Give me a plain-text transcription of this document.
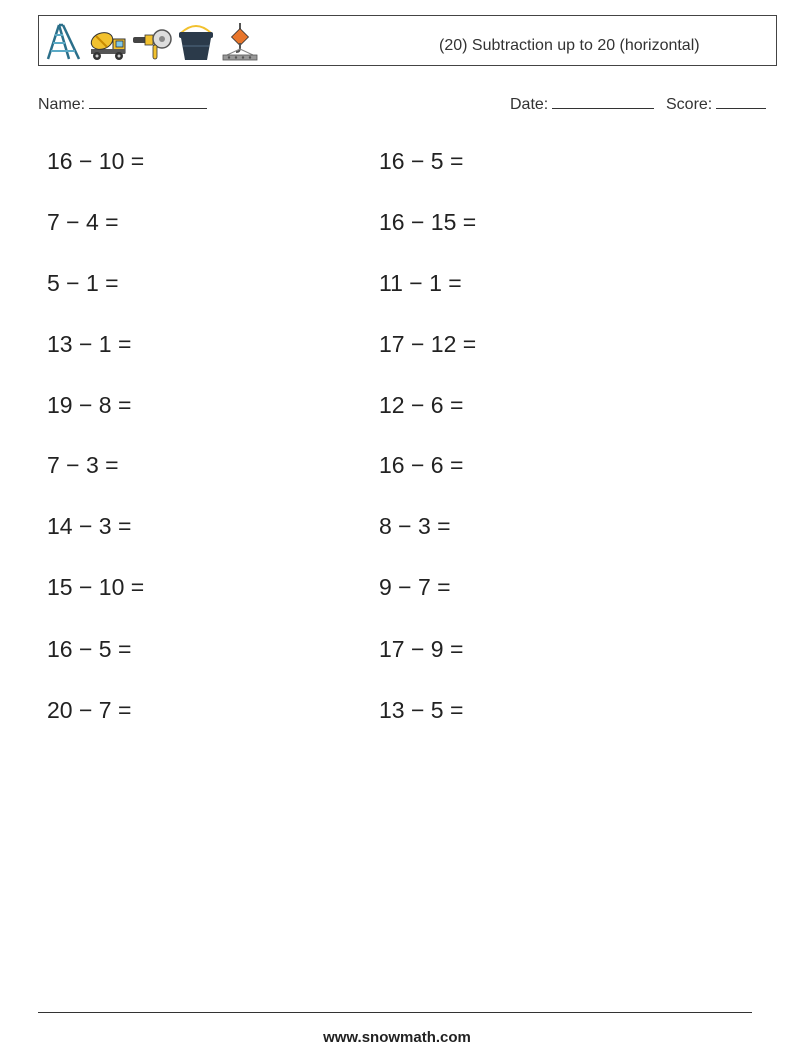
(20) Subtraction up to 20 (horizontal)
Name:	Date:	Score:
16 − 10 =
7 − 4 =
5 − 1 =
13 − 1 =
19 − 8 =
7 − 3 =
14 − 3 =
15 − 10 =
16 − 5 =
20 − 7 =
16 − 5 =
16 − 15 =
11 − 1 =
17 − 12 =
12 − 6 =
16 − 6 =
8 − 3 =
9 − 7 =
17 − 9 =
13 − 5 =
www.snowmath.com
